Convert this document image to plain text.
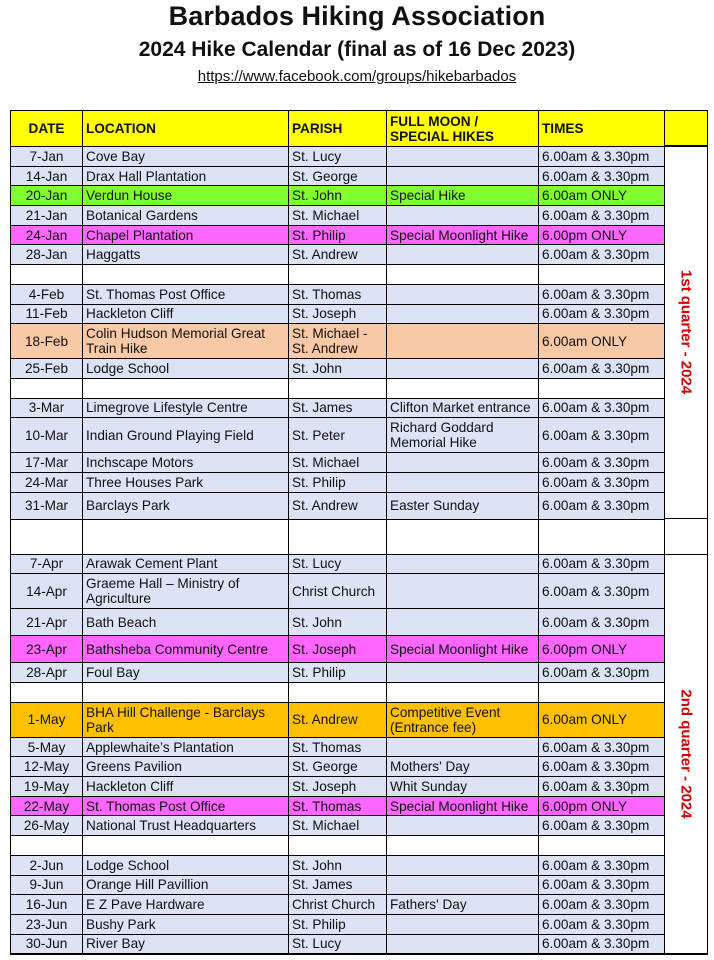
Barbados Hiking Association
2024 Hike Calendar (final as of 16 Dec 2023)
https://www.facebook.com/groups/hikebarbados
DATE	LOCATION	PARISH	FULL MOON / SPECIAL HIKES	TIMES
7-Jan	Cove Bay	St. Lucy		6.00am & 3.30pm
14-Jan	Drax Hall Plantation	St. George		6.00am & 3.30pm
20-Jan	Verdun House	St. John	Special Hike	6.00am ONLY
21-Jan	Botanical Gardens	St. Michael		6.00am & 3.30pm
24-Jan	Chapel Plantation	St. Philip	Special Moonlight Hike	6.00pm ONLY
28-Jan	Haggatts	St. Andrew		6.00am & 3.30pm

4-Feb	St. Thomas Post Office	St. Thomas		6.00am & 3.30pm
11-Feb	Hackleton Cliff	St. Joseph		6.00am & 3.30pm
18-Feb	Colin Hudson Memorial Great Train Hike	St. Michael - St. Andrew		6.00am ONLY
25-Feb	Lodge School	St. John		6.00am & 3.30pm

3-Mar	Limegrove Lifestyle Centre	St. James	Clifton Market entrance	6.00am & 3.30pm
10-Mar	Indian Ground Playing Field	St. Peter	Richard Goddard Memorial Hike	6.00am & 3.30pm
17-Mar	Inchscape Motors	St. Michael		6.00am & 3.30pm
24-Mar	Three Houses Park	St. Philip		6.00am & 3.30pm
31-Mar	Barclays Park	St. Andrew	Easter Sunday	6.00am & 3.30pm

7-Apr	Arawak Cement Plant	St. Lucy		6.00am & 3.30pm
14-Apr	Graeme Hall – Ministry of Agriculture	Christ Church		6.00am & 3.30pm
21-Apr	Bath Beach	St. John		6.00am & 3.30pm
23-Apr	Bathsheba Community Centre	St. Joseph	Special Moonlight Hike	6.00pm ONLY
28-Apr	Foul Bay	St. Philip		6.00am & 3.30pm

1-May	BHA Hill Challenge - Barclays Park	St. Andrew	Competitive Event (Entrance fee)	6.00am ONLY
5-May	Applewhaite’s Plantation	St. Thomas		6.00am & 3.30pm
12-May	Greens Pavilion	St. George	Mothers' Day	6.00am & 3.30pm
19-May	Hackleton Cliff	St. Joseph	Whit Sunday	6.00am & 3.30pm
22-May	St. Thomas Post Office	St. Thomas	Special Moonlight Hike	6.00pm ONLY
26-May	National Trust Headquarters	St. Michael		6.00am & 3.30pm

2-Jun	Lodge School	St. John		6.00am & 3.30pm
9-Jun	Orange Hill Pavillion	St. James		6.00am & 3.30pm
16-Jun	E Z Pave Hardware	Christ Church	Fathers' Day	6.00am & 3.30pm
23-Jun	Bushy Park	St. Philip		6.00am & 3.30pm
30-Jun	River Bay	St. Lucy		6.00am & 3.30pm
1st quarter - 2024
2nd quarter - 2024
